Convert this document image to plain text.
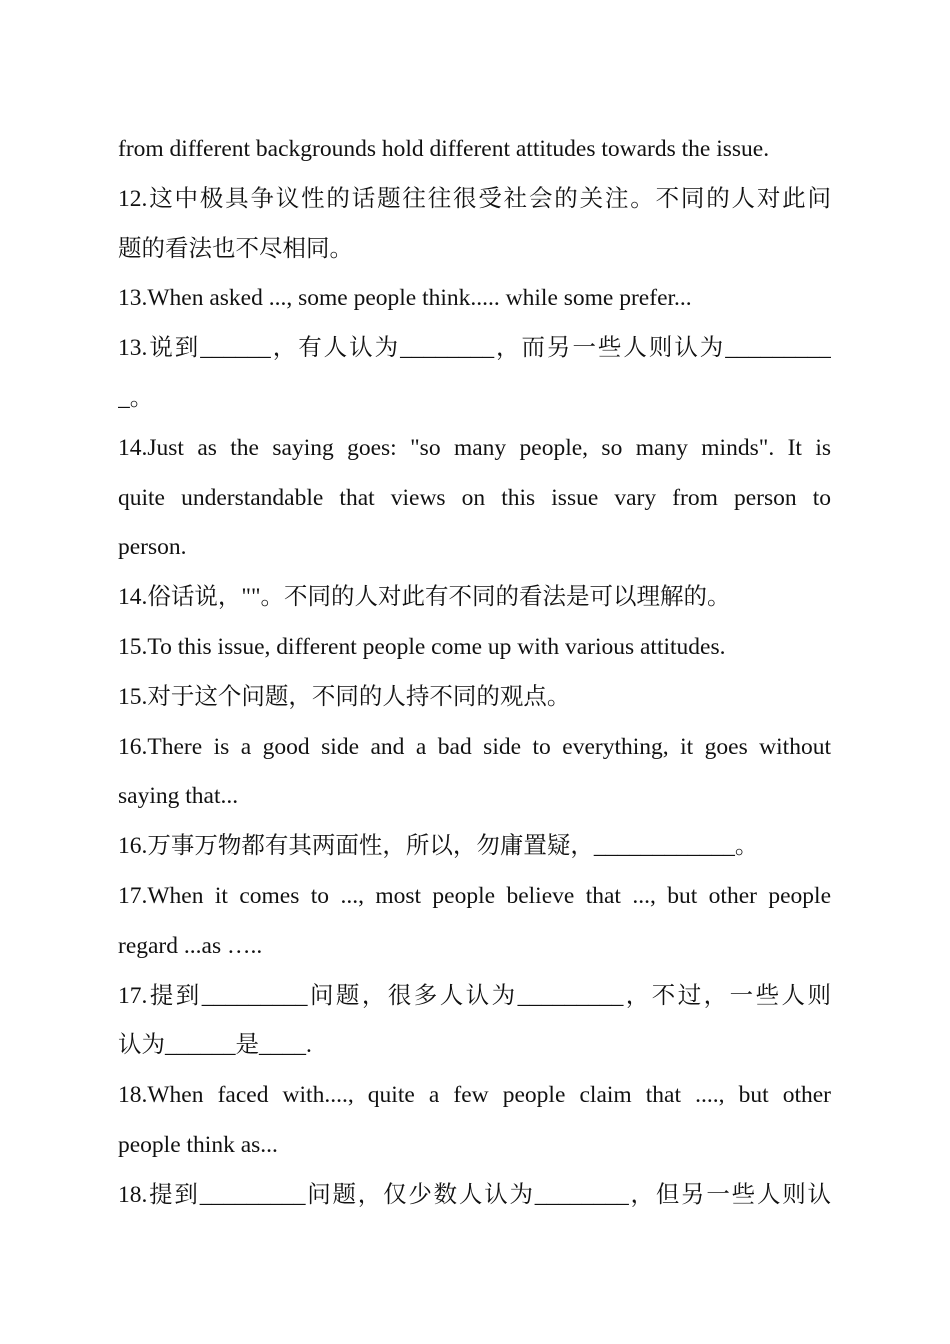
from different backgrounds hold different attitudes towards the issue.
12.这中极具争议性的话题往往很受社会的关注。不同的人对此问
题的看法也不尽相同。
13.When asked ..., some people think..... while some prefer...
13.说到______，有人认为________，而另一些人则认为_________
_。
14.Just as the saying goes: "so many people, so many minds". It is
quite understandable that views on this issue vary from person to
person.
14.俗话说，""。不同的人对此有不同的看法是可以理解的。
15.To this issue, different people come up with various attitudes.
15.对于这个问题，不同的人持不同的观点。
16.There is a good side and a bad side to everything, it goes without
saying that...
16.万事万物都有其两面性，所以，勿庸置疑，____________。
17.When it comes to ..., most people believe that ..., but other people
regard ...as …..
17.提到_________问题，很多人认为_________，不过，一些人则
认为______是____.
18.When faced with...., quite a few people claim that ...., but other
people think as...
18.提到_________问题，仅少数人认为________，但另一些人则认
